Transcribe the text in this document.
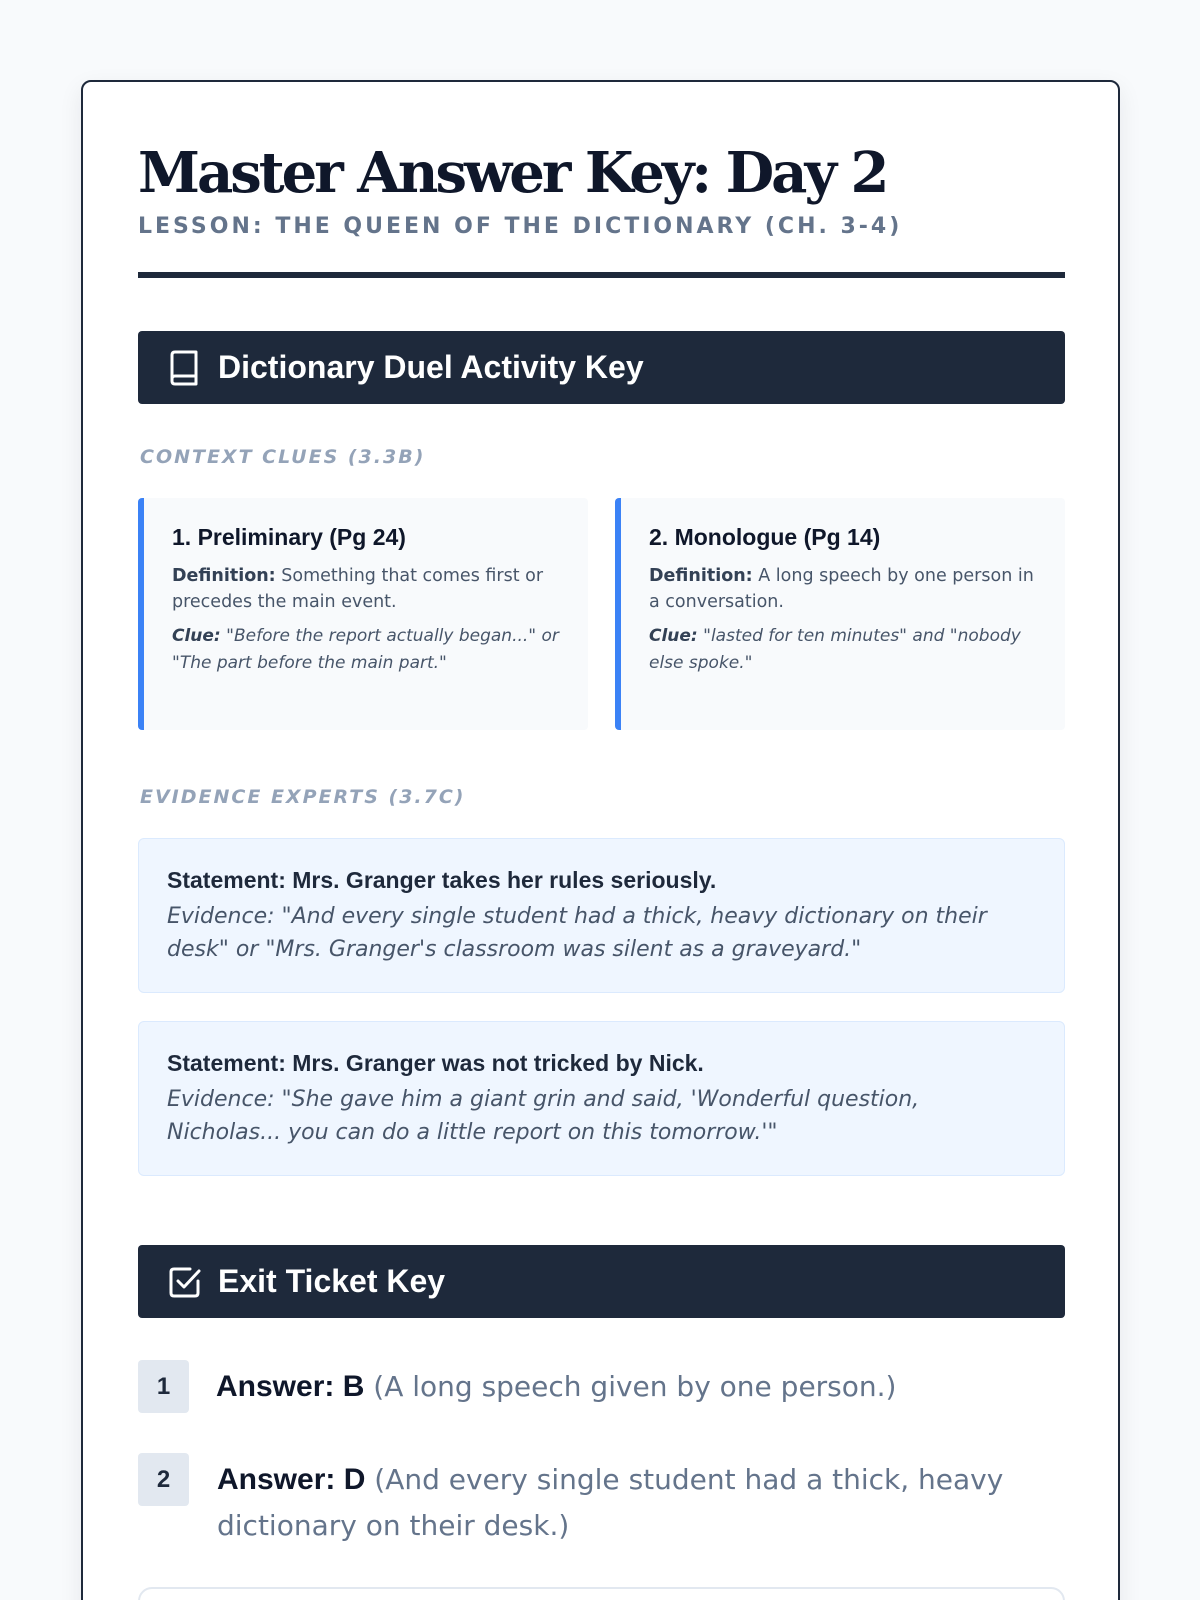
Master Answer Key: Day 2
LESSON: THE QUEEN OF THE DICTIONARY (CH. 3-4)
Dictionary Duel Activity Key
CONTEXT CLUES (3.3B)
1. Preliminary (Pg 24)
Definition: Something that comes first or precedes the main event.
Clue: "Before the report actually began..." or "The part before the main part."
2. Monologue (Pg 14)
Definition: A long speech by one person in a conversation.
Clue: "lasted for ten minutes" and "nobody else spoke."
EVIDENCE EXPERTS (3.7C)
Statement: Mrs. Granger takes her rules seriously.
Evidence: "And every single student had a thick, heavy dictionary on their desk" or "Mrs. Granger's classroom was silent as a graveyard."
Statement: Mrs. Granger was not tricked by Nick.
Evidence: "She gave him a giant grin and said, 'Wonderful question, Nicholas... you can do a little report on this tomorrow.'"
Exit Ticket Key
1	Answer: B (A long speech given by one person.)
2	Answer: D (And every single student had a thick, heavy dictionary on their desk.)
